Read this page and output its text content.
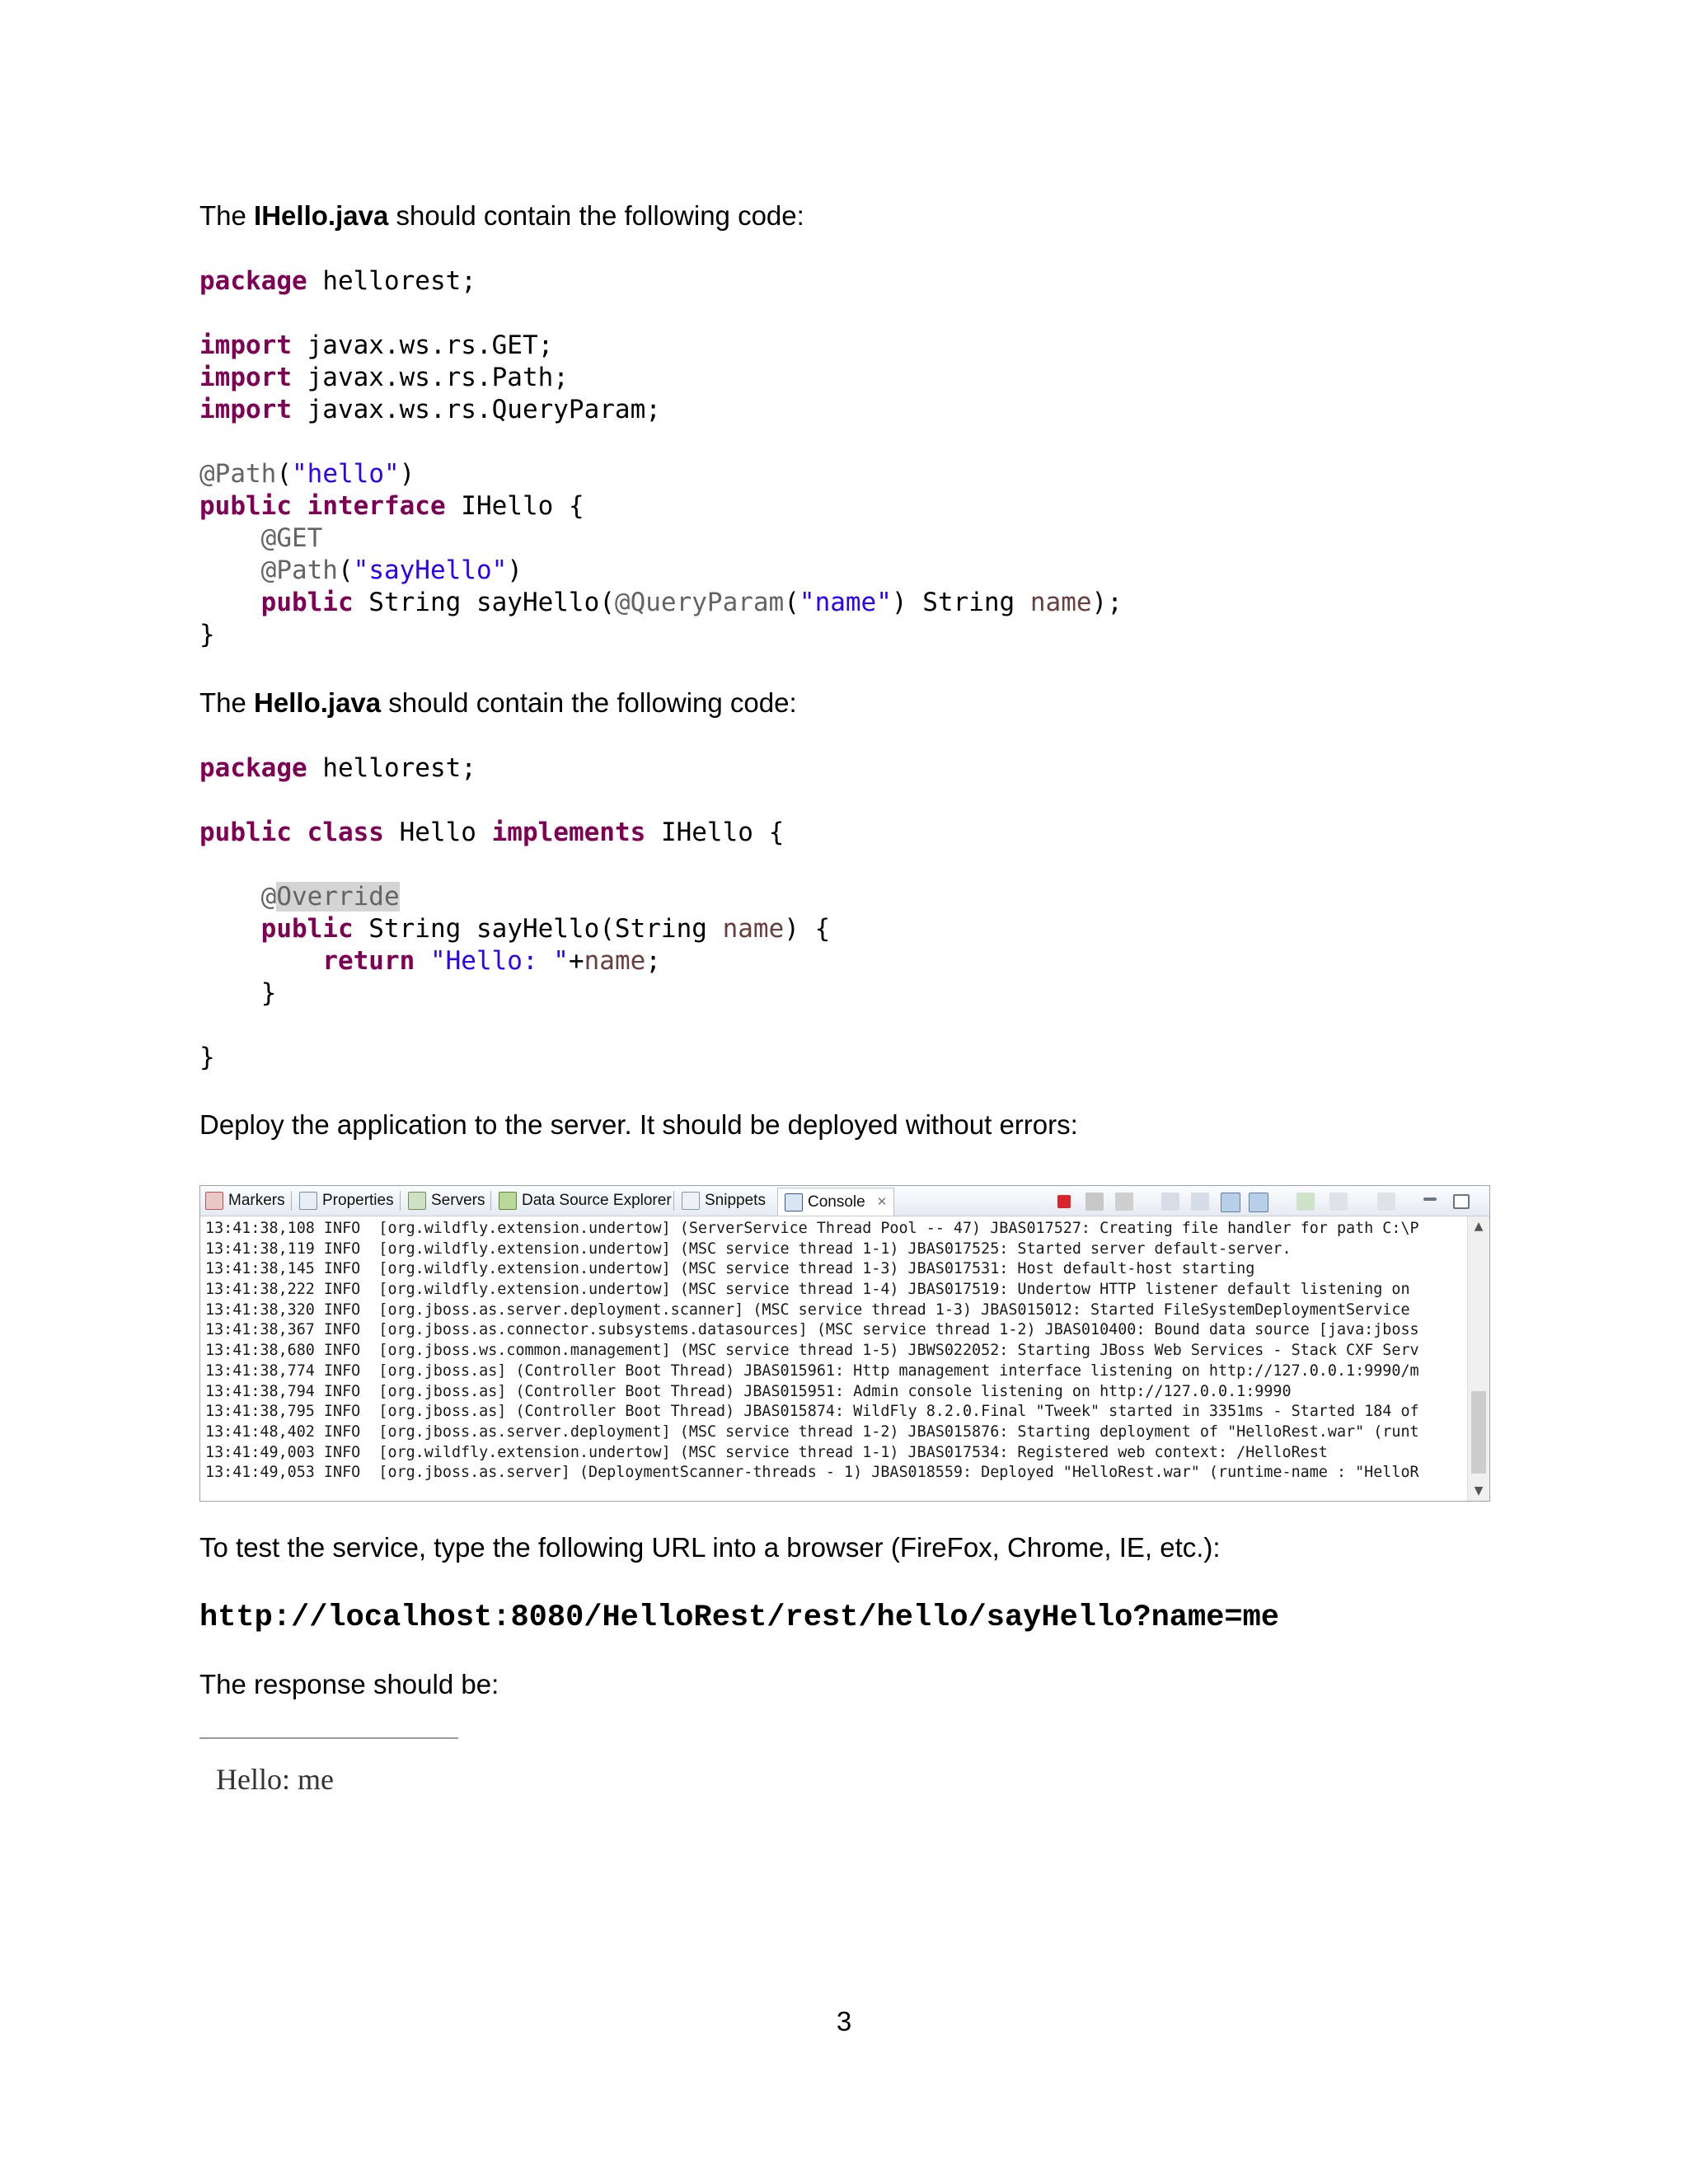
The IHello.java should contain the following code:
package hellorest;

import javax.ws.rs.GET;
import javax.ws.rs.Path;
import javax.ws.rs.QueryParam;

@Path("hello")
public interface IHello {
@GET
@Path("sayHello")
public String sayHello(@QueryParam("name") String name);
}
The Hello.java should contain the following code:
package hellorest;

public class Hello implements IHello {

@Override
public String sayHello(String name) {
return "Hello: "+name;
}

}
Deploy the application to the server. It should be deployed without errors:
Markers Properties Servers Data Source Explorer Snippets	Console ✕
13:41:38,108 INFO  [org.wildfly.extension.undertow] (ServerService Thread Pool -- 47) JBAS017527: Creating file handler for path C:\P
13:41:38,119 INFO  [org.wildfly.extension.undertow] (MSC service thread 1-1) JBAS017525: Started server default-server.
13:41:38,145 INFO  [org.wildfly.extension.undertow] (MSC service thread 1-3) JBAS017531: Host default-host starting
13:41:38,222 INFO  [org.wildfly.extension.undertow] (MSC service thread 1-4) JBAS017519: Undertow HTTP listener default listening on
13:41:38,320 INFO  [org.jboss.as.server.deployment.scanner] (MSC service thread 1-3) JBAS015012: Started FileSystemDeploymentService
13:41:38,367 INFO  [org.jboss.as.connector.subsystems.datasources] (MSC service thread 1-2) JBAS010400: Bound data source [java:jboss
13:41:38,680 INFO  [org.jboss.ws.common.management] (MSC service thread 1-5) JBWS022052: Starting JBoss Web Services - Stack CXF Serv
13:41:38,774 INFO  [org.jboss.as] (Controller Boot Thread) JBAS015961: Http management interface listening on http://127.0.0.1:9990/m
13:41:38,794 INFO  [org.jboss.as] (Controller Boot Thread) JBAS015951: Admin console listening on http://127.0.0.1:9990
13:41:38,795 INFO  [org.jboss.as] (Controller Boot Thread) JBAS015874: WildFly 8.2.0.Final "Tweek" started in 3351ms - Started 184 of
13:41:48,402 INFO  [org.jboss.as.server.deployment] (MSC service thread 1-2) JBAS015876: Starting deployment of "HelloRest.war" (runt
13:41:49,003 INFO  [org.wildfly.extension.undertow] (MSC service thread 1-1) JBAS017534: Registered web context: /HelloRest
13:41:49,053 INFO  [org.jboss.as.server] (DeploymentScanner-threads - 1) JBAS018559: Deployed "HelloRest.war" (runtime-name : "HelloR
▲
▼
To test the service, type the following URL into a browser (FireFox, Chrome, IE, etc.):
http://localhost:8080/HelloRest/rest/hello/sayHello?name=me
The response should be:
Hello: me
3
